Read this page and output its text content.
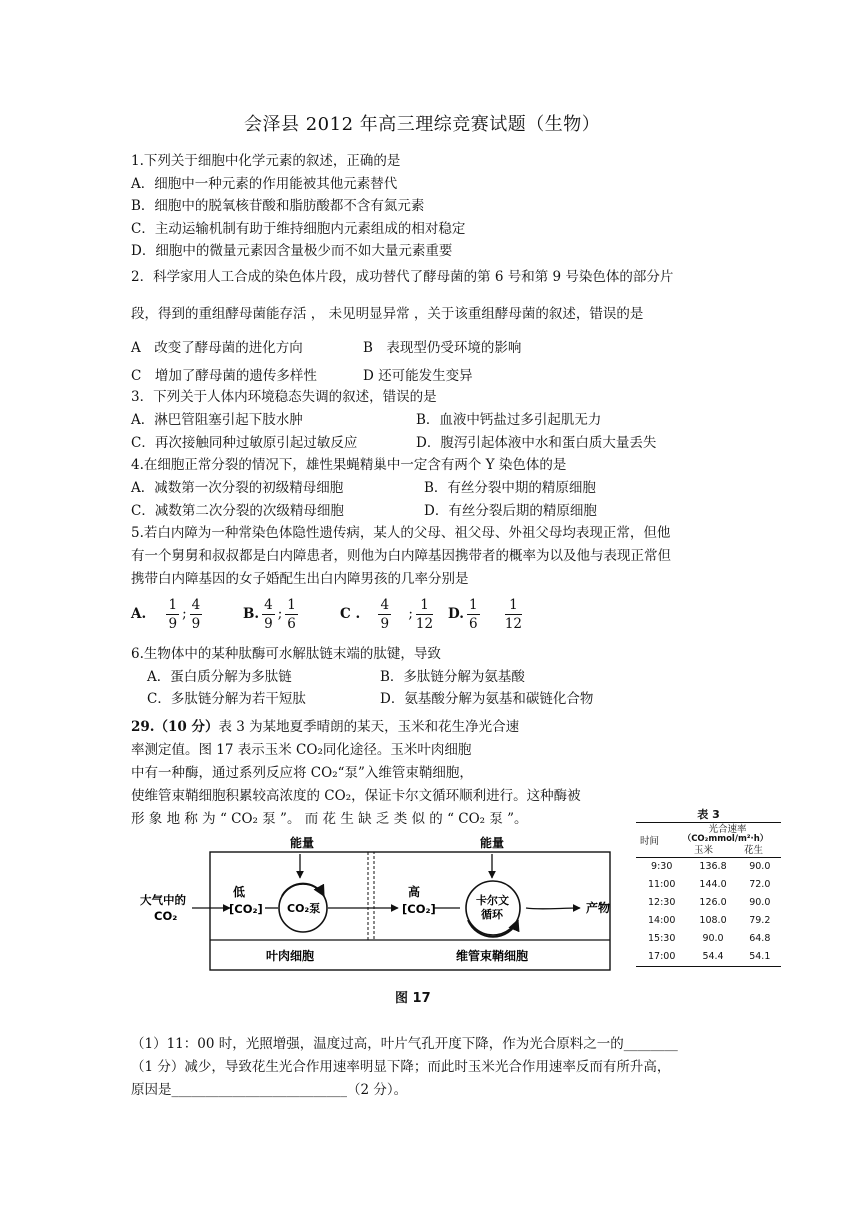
会泽县 2012 年高三理综竞赛试题（生物）
1.下列关于细胞中化学元素的叙述，正确的是
A．细胞中一种元素的作用能被其他元素替代
B．细胞中的脱氧核苷酸和脂肪酸都不含有氮元素
C．主动运输机制有助于维持细胞内元素组成的相对稳定
D．细胞中的微量元素因含量极少而不如大量元素重要
2．科学家用人工合成的染色体片段，成功替代了酵母菌的第 6 号和第 9 号染色体的部分片
段，得到的重组酵母菌能存活 ， 未见明显异常 ，关于该重组酵母菌的叙述，错误的是
A　改变了酵母菌的进化方向	B　表现型仍受环境的影响
C　增加了酵母菌的遗传多样性	D 还可能发生变异
3．下列关于人体内环境稳态失调的叙述，错误的是
A．淋巴管阻塞引起下肢水肿	B．血液中钙盐过多引起肌无力
C．再次接触同种过敏原引起过敏反应	D．腹泻引起体液中水和蛋白质大量丢失
4.在细胞正常分裂的情况下，雄性果蝇精巢中一定含有两个 Y 染色体的是
A．减数第一次分裂的初级精母细胞	B．有丝分裂中期的精原细胞
C．减数第二次分裂的次级精母细胞	D．有丝分裂后期的精原细胞
5.若白内障为一种常染色体隐性遗传病，某人的父母、祖父母、外祖父母均表现正常，但他
有一个舅舅和叔叔都是白内障患者，则他为白内障基因携带者的概率为以及他与表现正常但
携带白内障基因的女子婚配生出白内障男孩的几率分别是
A. $\frac{1}{9}$ ; $\frac{4}{9}$	B. $\frac{4}{9}$ ; $\frac{1}{6}$	C . $\frac{4}{9}$ ; $\frac{1}{12} D$. $\frac{1}{6}$
$\frac{1}{12}$
6.生物体中的某种肽酶可水解肽链末端的肽键，导致
A．蛋白质分解为多肽链	B．多肽链分解为氨基酸
C．多肽链分解为若干短肽	D．氨基酸分解为氨基和碳链化合物
29.（10 分）表 3 为某地夏季晴朗的某天，玉米和花生净光合速
率测定值。图 17 表示玉米 CO₂同化途径。玉米叶肉细胞
中有一种酶，通过系列反应将 CO₂“泵”入维管束鞘细胞，
使维管束鞘细胞积累较高浓度的 CO₂，保证卡尔文循环顺利进行。这种酶被
形 象 地 称 为 “ CO₂ 泵 ”。 而 花 生 缺 乏 类 似 的 “ CO₂ 泵 ”。
能量	能量
大气中的
CO₂
低
[CO₂] CO₂泵
高
[CO₂]
卡尔文
循环	产物
叶肉细胞	维管束鞘细胞
图 17
表 3
时间
光合速率
（CO₂mmol/m²·h）
玉米	花生
9:30	136.8	90.0
11:00	144.0	72.0
12:30	126.0	90.0
14:00	108.0	79.2
15:30	90.0	64.8
17:00	54.4	54.1
（1）11：00 时，光照增强，温度过高，叶片气孔开度下降，作为光合原料之一的________
（1 分）减少，导致花生光合作用速率明显下降；而此时玉米光合作用速率反而有所升高，
原因是__________________________（2 分）。
